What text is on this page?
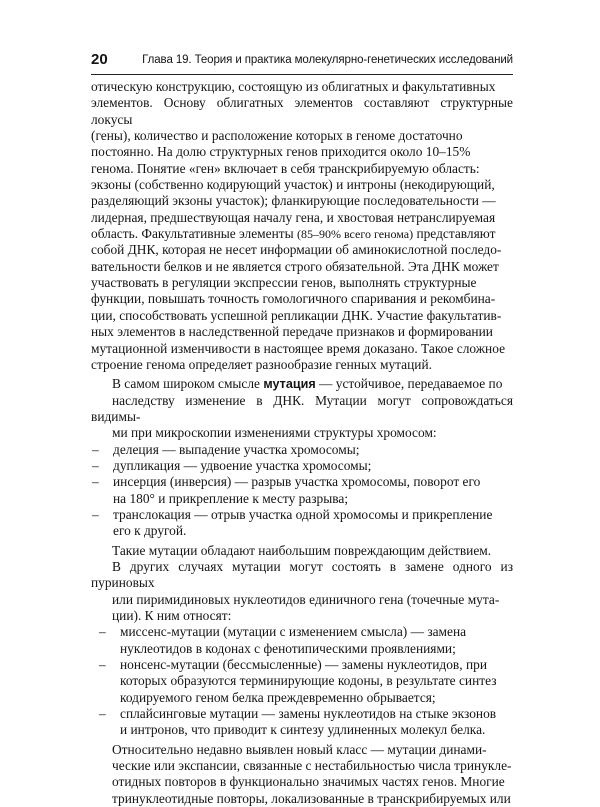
20	Глава 19. Теория и практика молекулярно-генетических исследований

отическую конструкцию, состоящую из облигатных и факультативных
элементов. Основу облигатных элементов составляют структурные локусы
(гены), количество и расположение которых в геноме достаточно
постоянно. На долю структурных генов приходится около 10–15%
генома. Понятие «ген» включает в себя транскрибируемую область:
экзоны (собственно кодирующий участок) и интроны (некодирующий,
разделяющий экзоны участок); фланкирующие последовательности —
лидерная, предшествующая началу гена, и хвостовая нетранслируемая
область. Факультативные элементы (85–90% всего генома) представляют
собой ДНК, которая не несет информации об аминокислотной последо-
вательности белков и не является строго обязательной. Эта ДНК может
участвовать в регуляции экспрессии генов, выполнять структурные
функции, повышать точность гомологичного спаривания и рекомбина-
ции, способствовать успешной репликации ДНК. Участие факультатив-
ных элементов в наследственной передаче признаков и формировании
мутационной изменчивости в настоящее время доказано. Такое сложное
строение генома определяет разнообразие генных мутаций.

В самом широком смысле мутация — устойчивое, передаваемое по
наследству изменение в ДНК. Мутации могут сопровождаться видимы-
ми при микроскопии изменениями структуры хромосом:

– делеция — выпадение участка хромосомы;
– дупликация — удвоение участка хромосомы;
– инсерция (инверсия) — разрыв участка хромосомы, поворот его
на 180° и прикрепление к месту разрыва;
– транслокация — отрыв участка одной хромосомы и прикрепление
его к другой.

Такие мутации обладают наибольшим повреждающим действием.
В других случаях мутации могут состоять в замене одного из пуриновых
или пиримидиновых нуклеотидов единичного гена (точечные мута-
ции). К ним относят:

– миссенс-мутации (мутации с изменением смысла) — замена
нуклеотидов в кодонах с фенотипическими проявлениями;
– нонсенс-мутации (бессмысленные) — замены нуклеотидов, при
которых образуются терминирующие кодоны, в результате синтез
кодируемого геном белка преждевременно обрывается;
– сплайсинговые мутации — замены нуклеотидов на стыке экзонов
и интронов, что приводит к синтезу удлиненных молекул белка.

Относительно недавно выявлен новый класс — мутации динами-
ческие или экспансии, связанные с нестабильностью числа тринукле-
отидных повторов в функционально значимых частях генов. Многие
тринуклеотидные повторы, локализованные в транскрибируемых или
